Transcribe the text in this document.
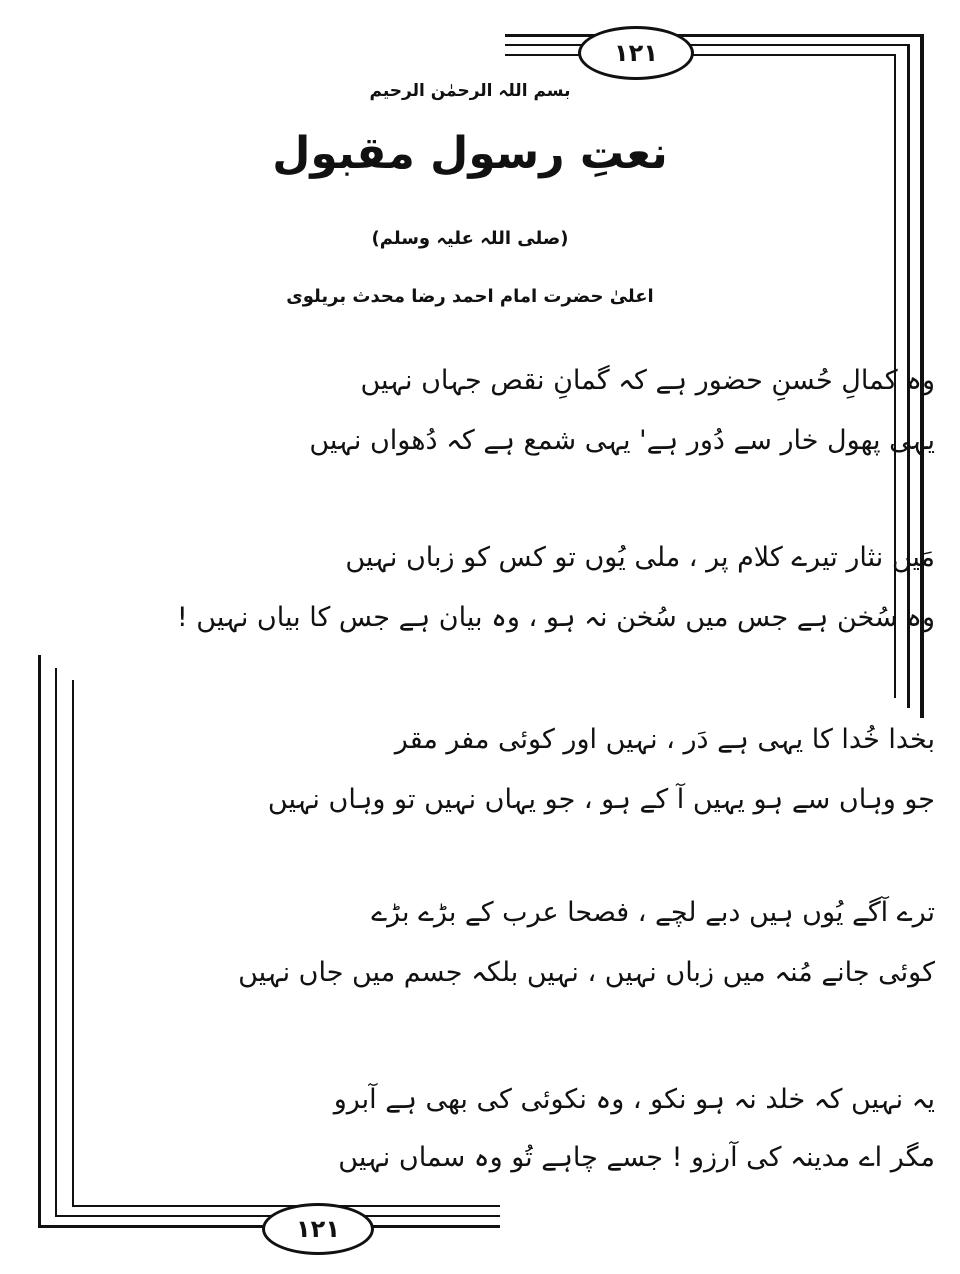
۱۲۱
۱۲۱
بسم اللہ الرحمٰن الرحیم
نعتِ رسول مقبول
(صلی اللہ علیہ وسلم)
اعلیٰ حضرت امام احمد رضا محدث بریلوی
وہ کمالِ حُسنِ حضور ہے کہ گمانِ نقص جہاں نہیں
یہی پھول خار سے دُور ہے' یہی شمع ہے کہ دُھواں نہیں
مَیں نثار تیرے کلام پر ، ملی یُوں تو کس کو زباں نہیں
وہ سُخن ہے جس میں سُخن نہ ہو ، وہ بیان ہے جس کا بیاں نہیں !
بخدا خُدا کا یہی ہے دَر ، نہیں اور کوئی مفر مقر
جو وہاں سے ہو یہیں آ کے ہو ، جو یہاں نہیں تو وہاں نہیں
ترے آگے یُوں ہیں دبے لچے ، فصحا عرب کے بڑے بڑے
کوئی جانے مُنہ میں زباں نہیں ، نہیں بلکہ جسم میں جاں نہیں
یہ نہیں کہ خلد نہ ہو نکو ، وہ نکوئی کی بھی ہے آبرو
مگر اے مدینہ کی آرزو ! جسے چاہے تُو وہ سماں نہیں
